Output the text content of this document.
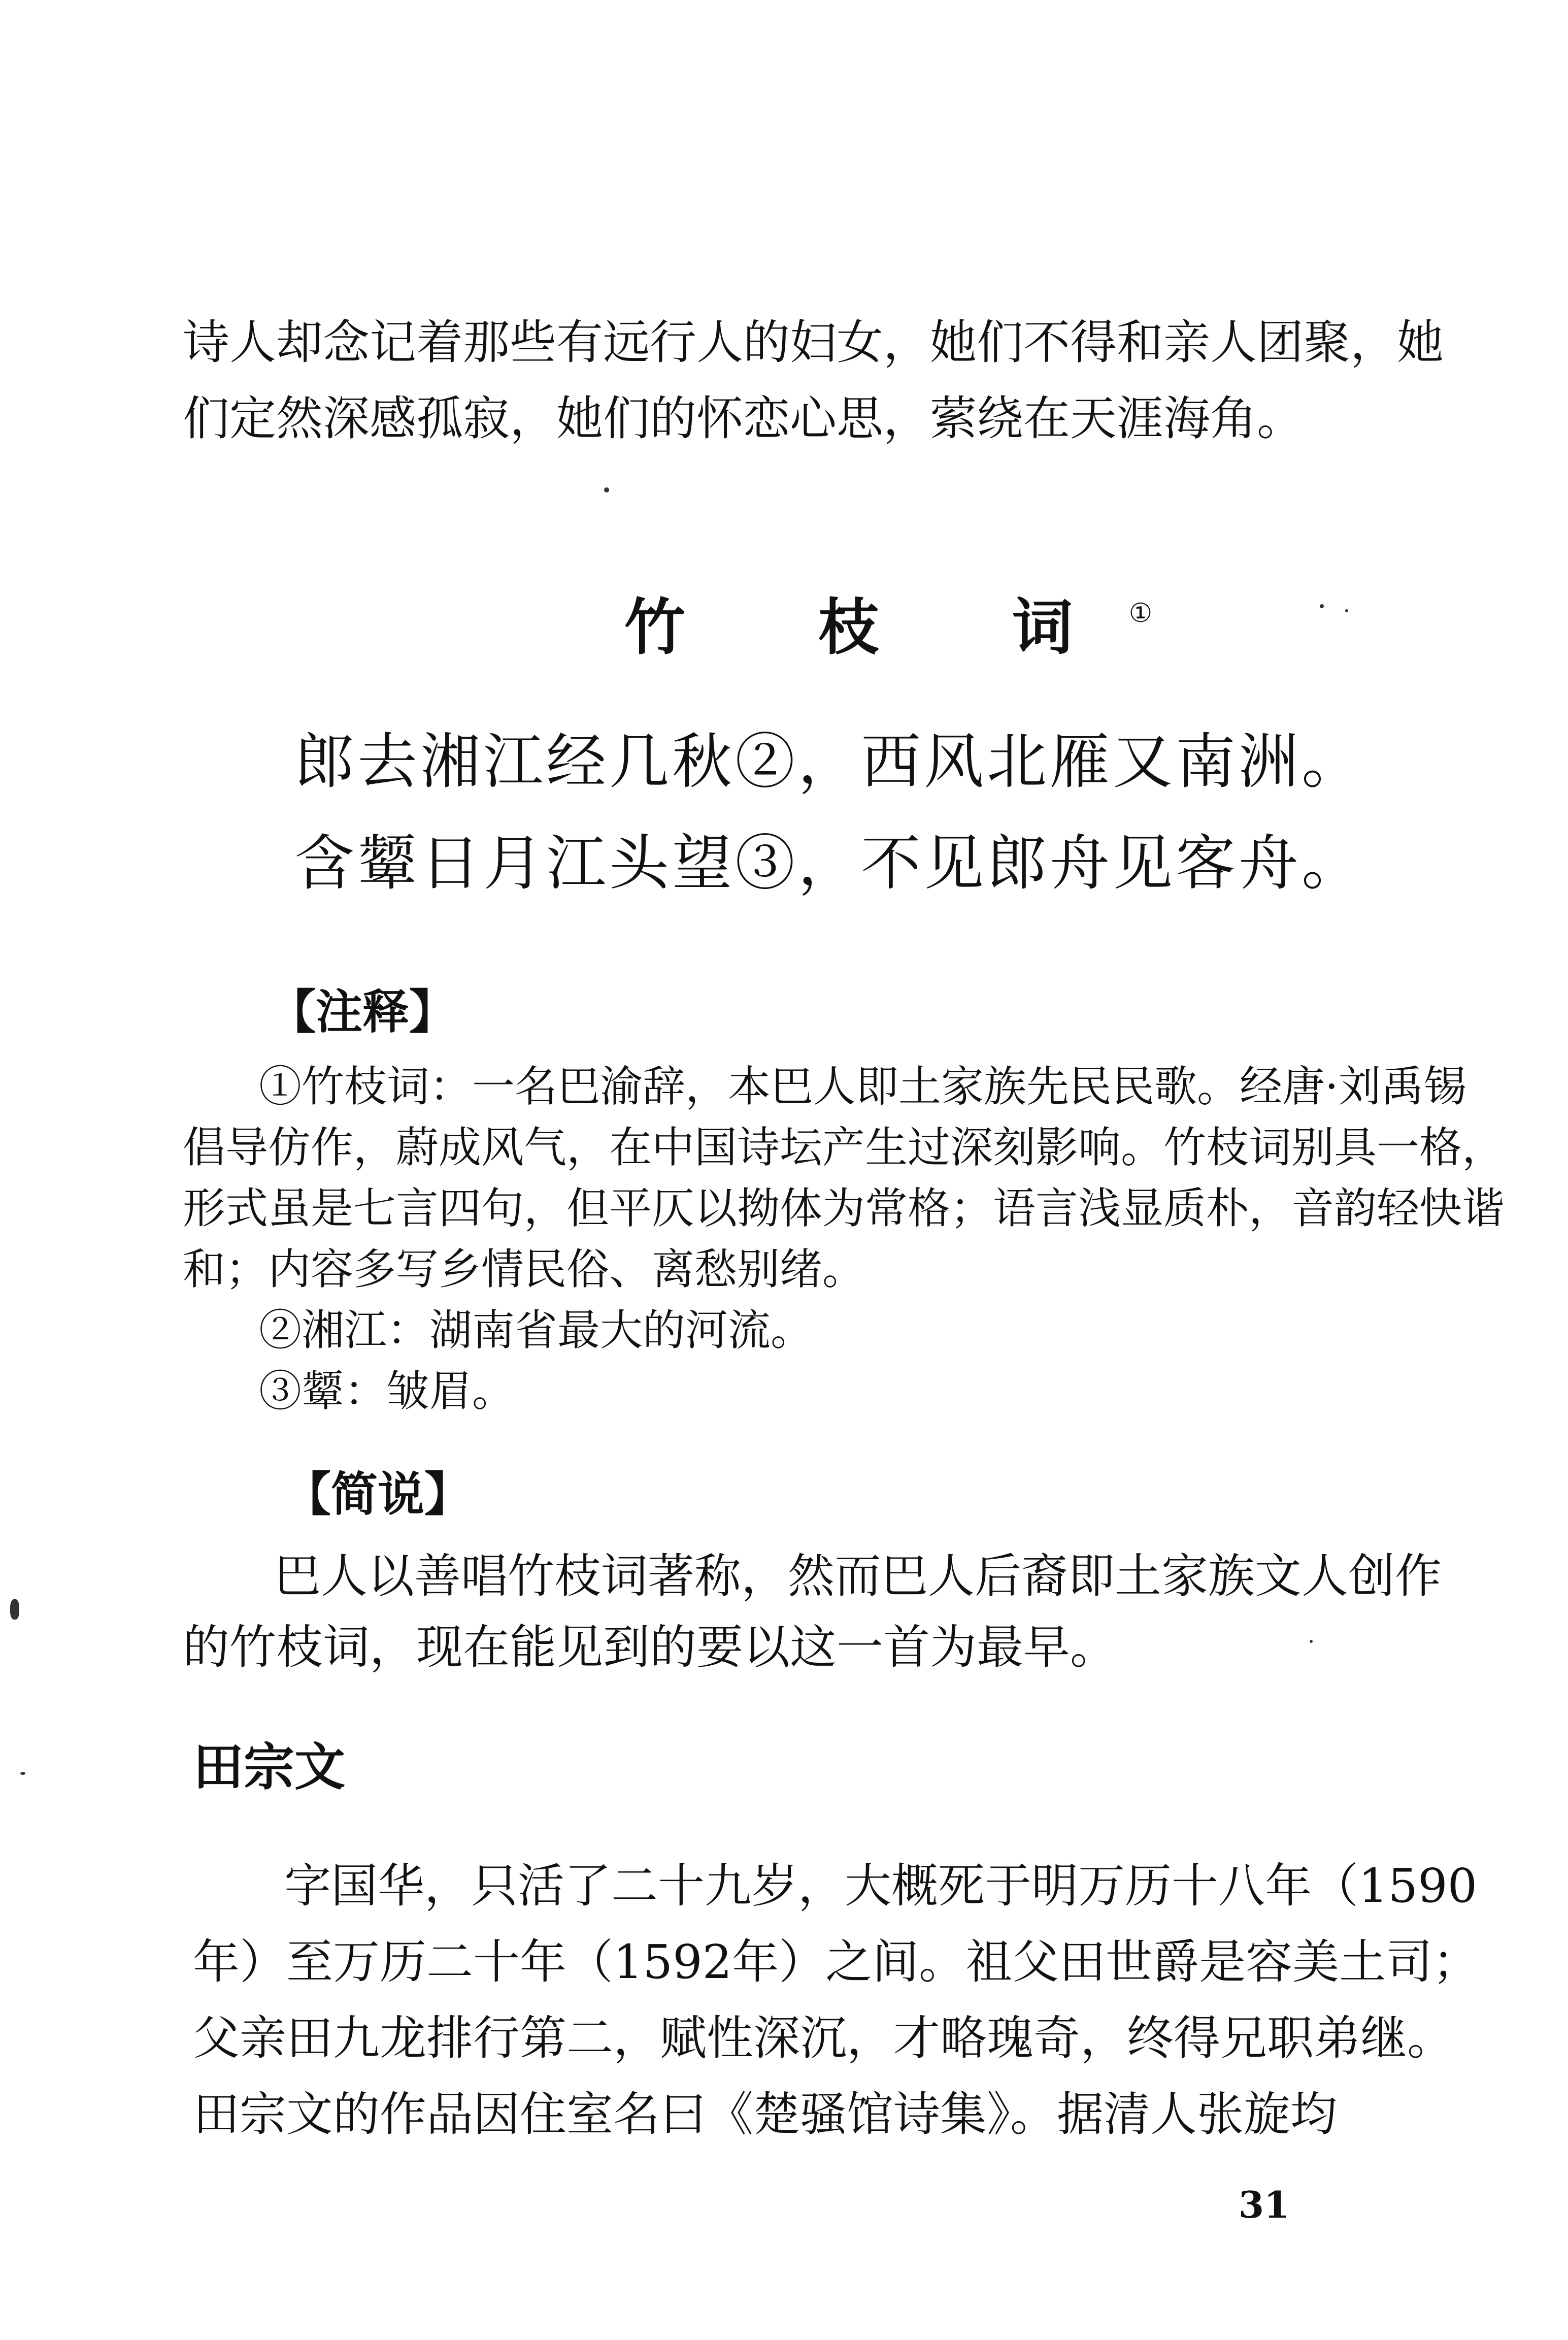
诗人却念记着那些有远行人的妇女，她们不得和亲人团聚，她
们定然深感孤寂，她们的怀恋心思，萦绕在天涯海角。
竹 枝 词①
郎去湘江经几秋②，西风北雁又南洲。
含颦日月江头望③，不见郎舟见客舟。
【注释】
①竹枝词：一名巴渝辞，本巴人即土家族先民民歌。经唐·刘禹锡
倡导仿作，蔚成风气，在中国诗坛产生过深刻影响。竹枝词别具一格，
形式虽是七言四句，但平仄以拗体为常格；语言浅显质朴，音韵轻快谐
和；内容多写乡情民俗、离愁别绪。
②湘江：湖南省最大的河流。
③颦：皱眉。
【简说】
巴人以善唱竹枝词著称，然而巴人后裔即土家族文人创作
的竹枝词，现在能见到的要以这一首为最早。
田宗文
字国华，只活了二十九岁，大概死于明万历十八年（1590
年）至万历二十年（1592年）之间。祖父田世爵是容美土司；
父亲田九龙排行第二，赋性深沉，才略瑰奇，终得兄职弟继。
田宗文的作品因住室名曰《楚骚馆诗集》。据清人张旋均
31
